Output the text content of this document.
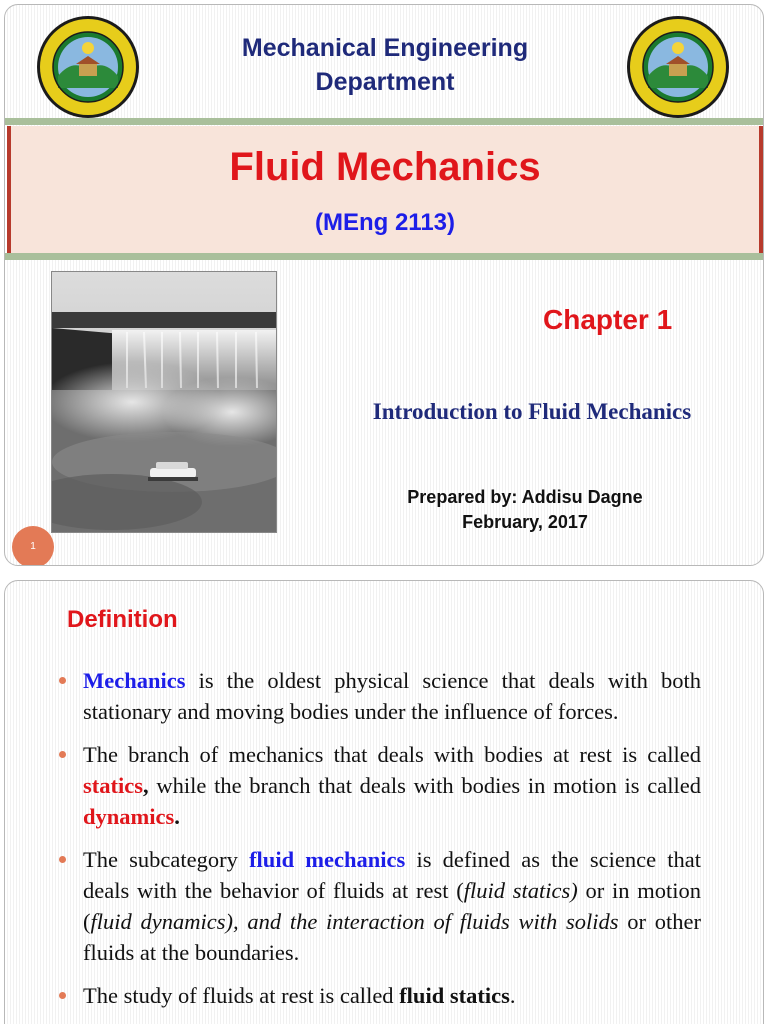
Mechanical Engineering
Department
Fluid Mechanics
(MEng 2113)
Chapter 1
Introduction to Fluid Mechanics
Prepared by: Addisu Dagne
February, 2017
1
Definition
Mechanics is the oldest physical science that deals with both stationary and moving bodies under the influence of forces.
The branch of mechanics that deals with bodies at rest is called statics, while the branch that deals with bodies in motion is called dynamics.
The subcategory fluid mechanics is defined as the science that deals with the behavior of fluids at rest (fluid statics) or in motion (fluid dynamics), and the interaction of fluids with solids or other fluids at the boundaries.
The study of fluids at rest is called fluid statics.
